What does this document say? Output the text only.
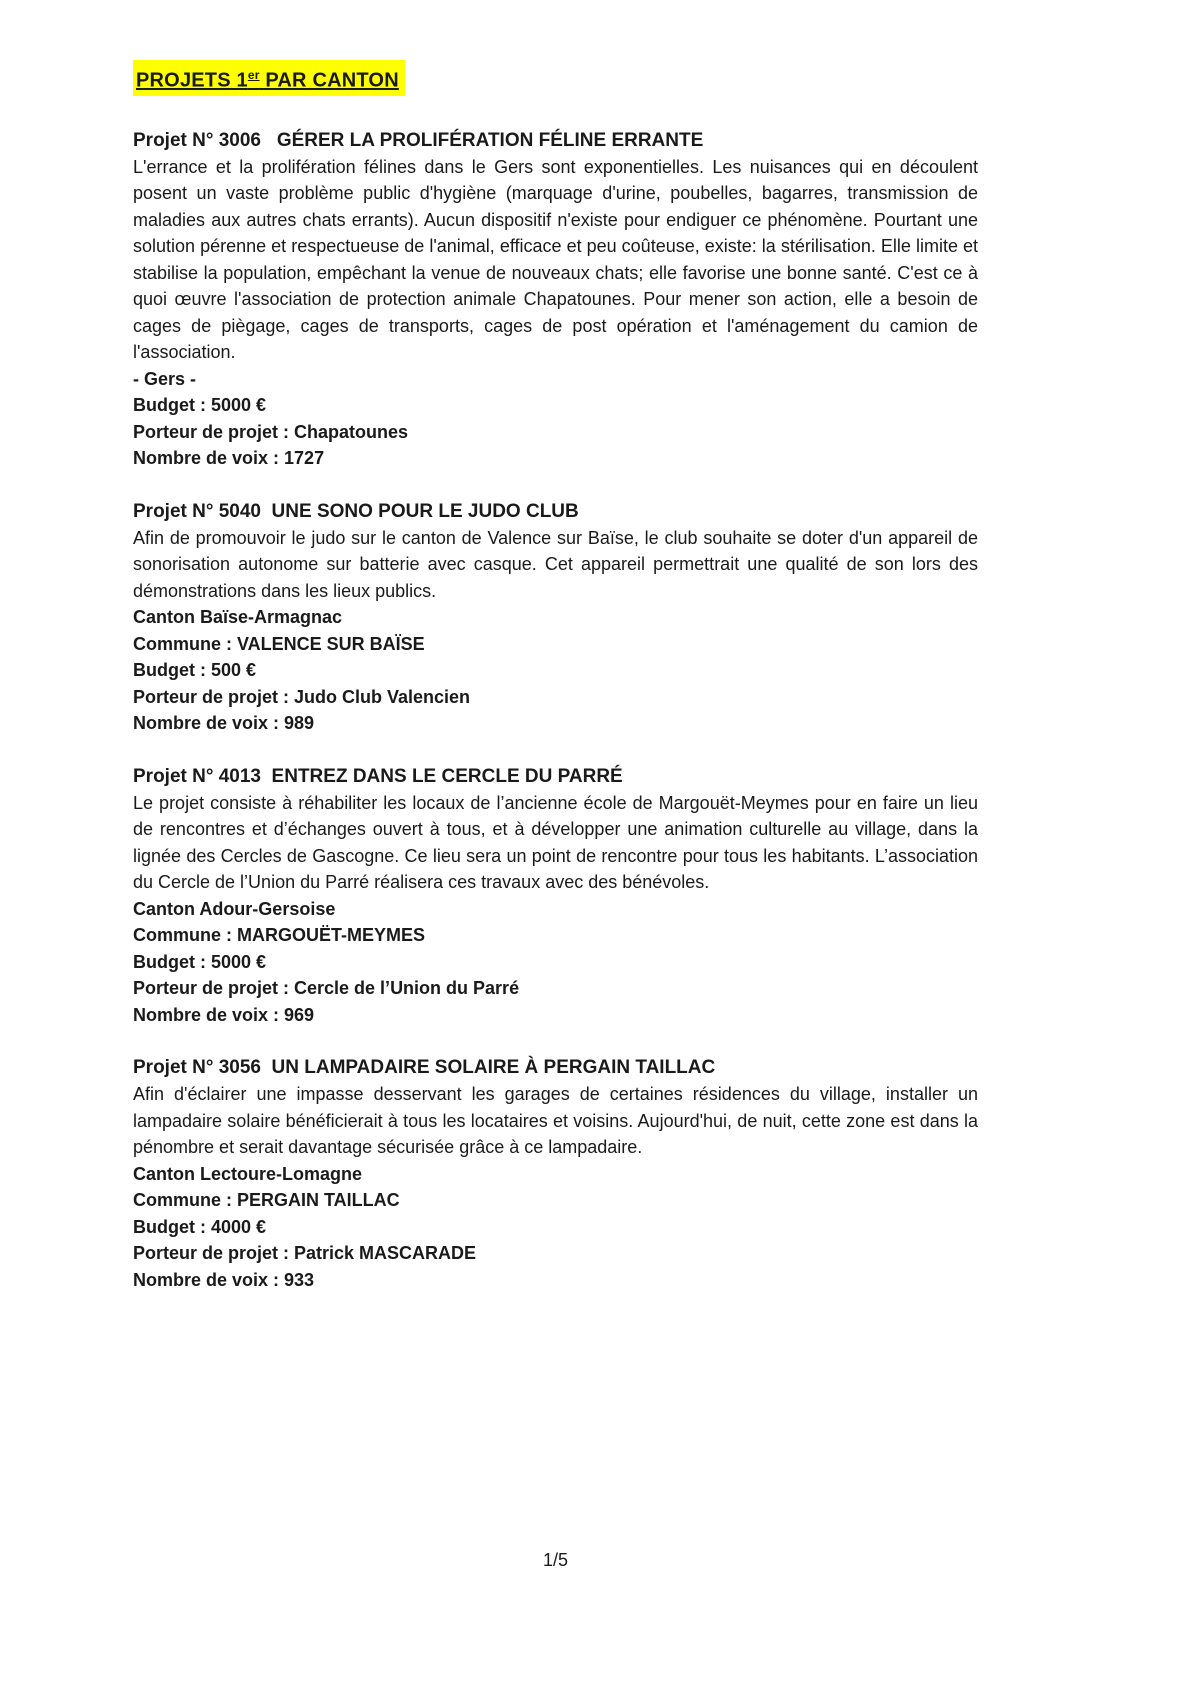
PROJETS 1er PAR CANTON
Projet N° 3006   GÉRER LA PROLIFÉRATION FÉLINE ERRANTE

L'errance et la prolifération félines dans le Gers sont exponentielles. Les nuisances qui en découlent posent un vaste problème public d'hygiène (marquage d'urine, poubelles, bagarres, transmission de maladies aux autres chats errants). Aucun dispositif n'existe pour endiguer ce phénomène. Pourtant une solution pérenne et respectueuse de l'animal, efficace et peu coûteuse, existe: la stérilisation. Elle limite et stabilise la population, empêchant la venue de nouveaux chats; elle favorise une bonne santé. C'est ce à quoi œuvre l'association de protection animale Chapatounes. Pour mener son action, elle a besoin de cages de piègage, cages de transports, cages de post opération et l'aménagement du camion de l'association.

- Gers -
Budget : 5000 €
Porteur de projet : Chapatounes
Nombre de voix : 1727
Projet N° 5040  UNE SONO POUR LE JUDO CLUB

Afin de promouvoir le judo sur le canton de Valence sur Baïse, le club souhaite se doter d'un appareil de sonorisation autonome sur batterie avec casque. Cet appareil permettrait une qualité de son lors des démonstrations dans les lieux publics.

Canton Baïse-Armagnac
Commune : VALENCE SUR BAÏSE
Budget : 500 €
Porteur de projet : Judo Club Valencien
Nombre de voix : 989
Projet N° 4013  ENTREZ DANS LE CERCLE DU PARRÉ

Le projet consiste à réhabiliter les locaux de l’ancienne école de Margouët-Meymes pour en faire un lieu de rencontres et d’échanges ouvert à tous, et à développer une animation culturelle au village, dans la lignée des Cercles de Gascogne. Ce lieu sera un point de rencontre pour tous les habitants. L’association du Cercle de l’Union du Parré réalisera ces travaux avec des bénévoles.

Canton Adour-Gersoise
Commune : MARGOUËT-MEYMES
Budget : 5000 €
Porteur de projet : Cercle de l’Union du Parré
Nombre de voix : 969
Projet N° 3056  UN LAMPADAIRE SOLAIRE À PERGAIN TAILLAC

Afin d'éclairer une impasse desservant les garages de certaines résidences du village, installer un lampadaire solaire bénéficierait à tous les locataires et voisins. Aujourd'hui, de nuit, cette zone est dans la pénombre et serait davantage sécurisée grâce à ce lampadaire.

Canton Lectoure-Lomagne
Commune : PERGAIN TAILLAC
Budget : 4000 €
Porteur de projet : Patrick MASCARADE
Nombre de voix : 933
1/5
